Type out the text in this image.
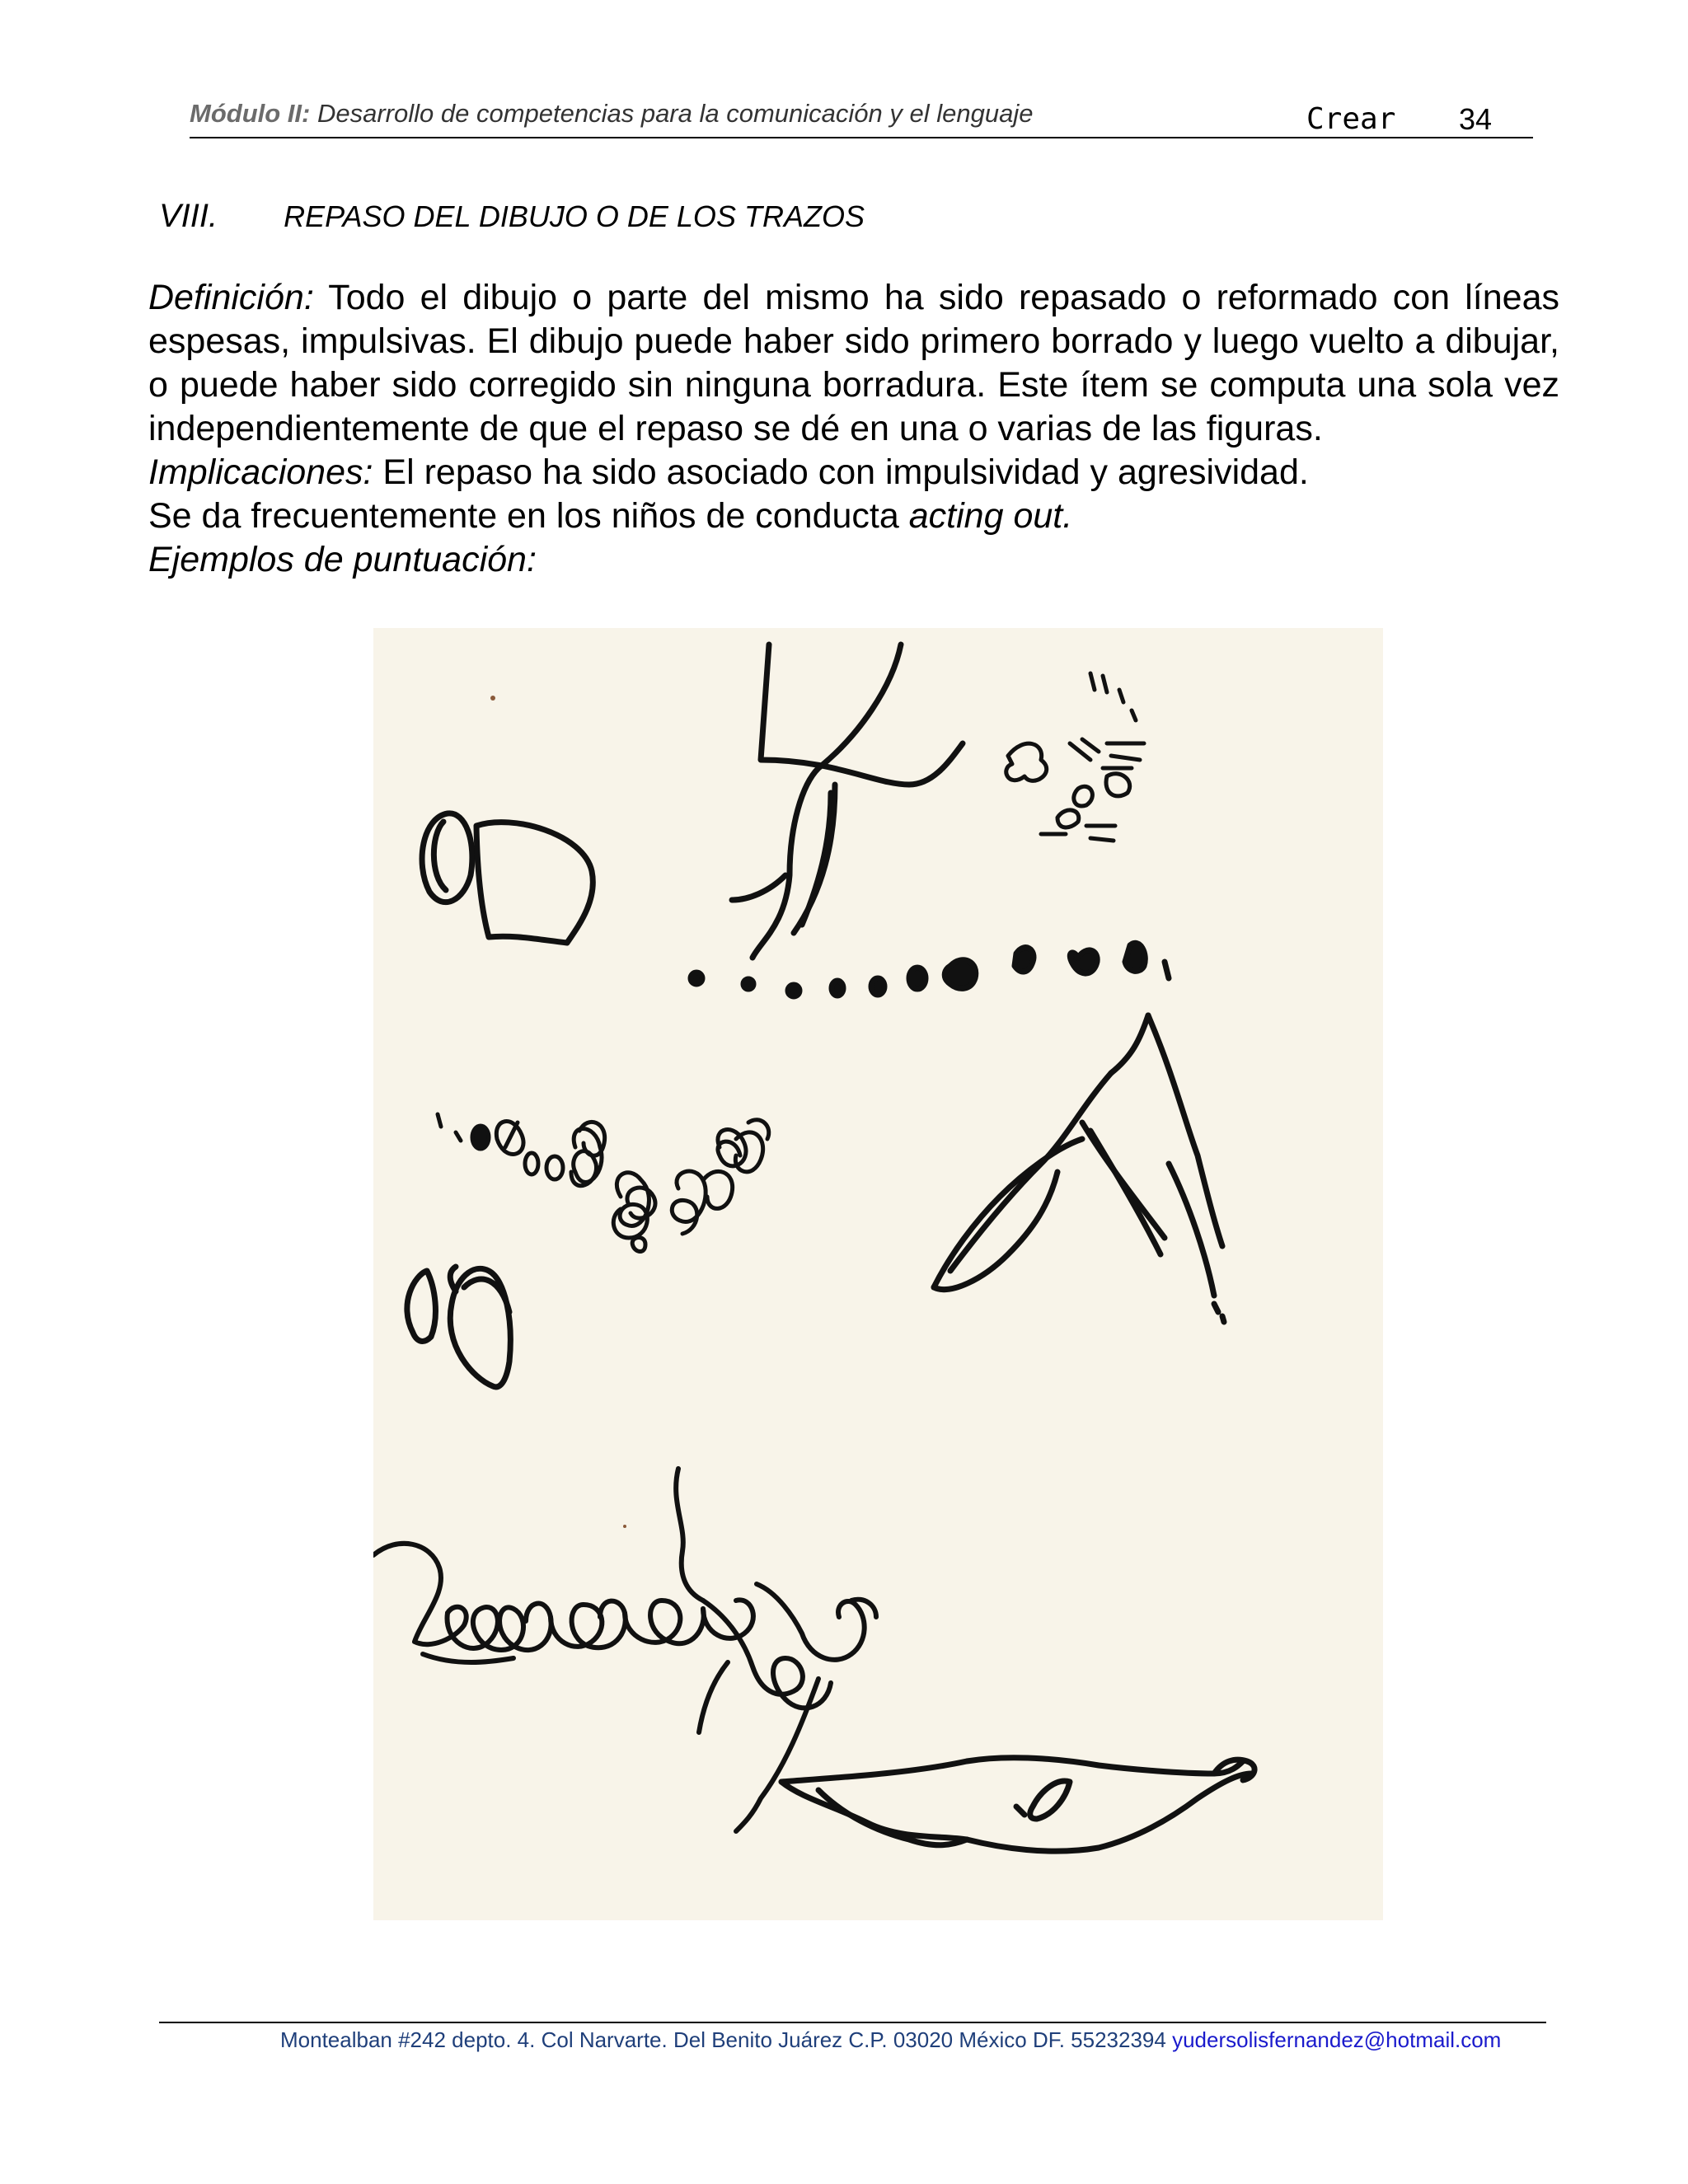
Módulo II: Desarrollo de competencias para la comunicación y el lenguaje	Crear 34
VIII. REPASO DEL DIBUJO O DE LOS TRAZOS

Definición: Todo el dibujo o parte del mismo ha sido repasado o reformado con líneas espesas, impulsivas. El dibujo puede haber sido primero borrado y luego vuelto a dibujar, o puede haber sido corregido sin ninguna borradura. Este ítem se computa una sola vez independientemente de que el repaso se dé en una o varias de las figuras.

Implicaciones: El repaso ha sido asociado con impulsividad y agresividad.

Se da frecuentemente en los niños de conducta acting out.

Ejemplos de puntuación:

Montealban #242 depto. 4. Col Narvarte. Del Benito Juárez C.P. 03020 México DF. 55232394 yudersolisfernandez@hotmail.com
